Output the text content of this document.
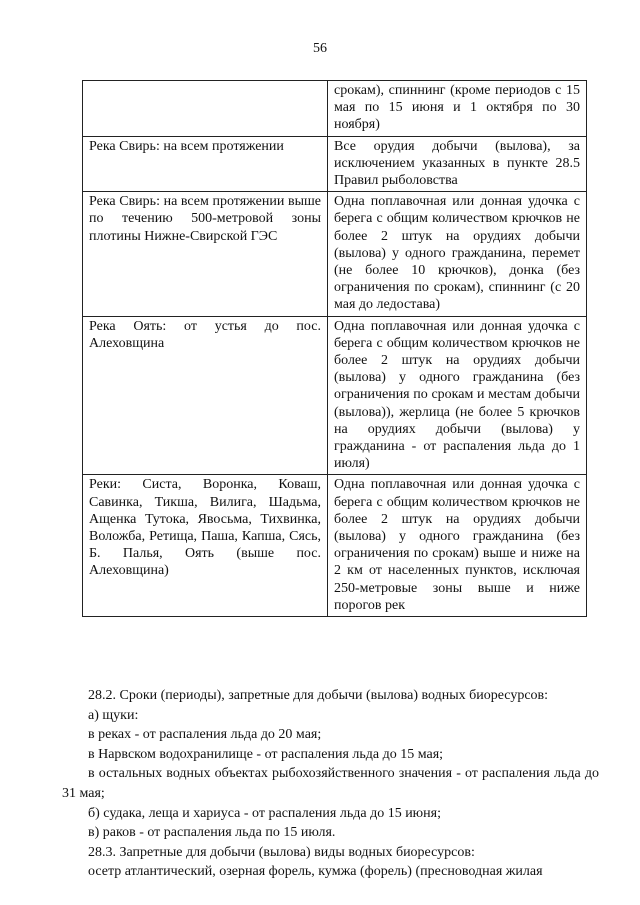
56
	срокам), спиннинг (кроме периодов с 15 мая по 15 июня и 1 октября по 30 ноября)
Река Свирь: на всем протяжении	Все орудия добычи (вылова), за исключением указанных в пункте 28.5 Правил рыболовства
Река Свирь: на всем протяжении выше по течению 500-метровой зоны плотины Нижне-Свирской ГЭС	Одна поплавочная или донная удочка с берега с общим количеством крючков не более 2 штук на орудиях добычи (вылова) у одного гражданина, перемет (не более 10 крючков), донка (без ограничения по срокам), спиннинг (с 20 мая до ледостава)
Река Оять: от устья до пос. Алеховщина	Одна поплавочная или донная удочка с берега с общим количеством крючков не более 2 штук на орудиях добычи (вылова) у одного гражданина (без ограничения по срокам и местам добычи (вылова)), жерлица (не более 5 крючков на орудиях добычи (вылова) у гражданина - от распаления льда до 1 июля)
Реки: Систа, Воронка, Коваш, Савинка, Тикша, Вилига, Шадьма, Ащенка Тутока, Явосьма, Тихвинка, Воложба, Ретища, Паша, Капша, Сясь, Б. Палья, Оять (выше пос. Алеховщина)	Одна поплавочная или донная удочка с берега с общим количеством крючков не более 2 штук на орудиях добычи (вылова) у одного гражданина (без ограничения по срокам) выше и ниже на 2 км от населенных пунктов, исключая 250-метровые зоны выше и ниже порогов рек

28.2. Сроки (периоды), запретные для добычи (вылова) водных биоресурсов:

а) щуки:

в реках - от распаления льда до 20 мая;

в Нарвском водохранилище - от распаления льда до 15 мая;

в остальных водных объектах рыбохозяйственного значения - от распаления льда до 31 мая;

б) судака, леща и хариуса - от распаления льда до 15 июня;

в) раков - от распаления льда по 15 июля.

28.3. Запретные для добычи (вылова) виды водных биоресурсов:

осетр атлантический, озерная форель, кумжа (форель) (пресноводная жилая
